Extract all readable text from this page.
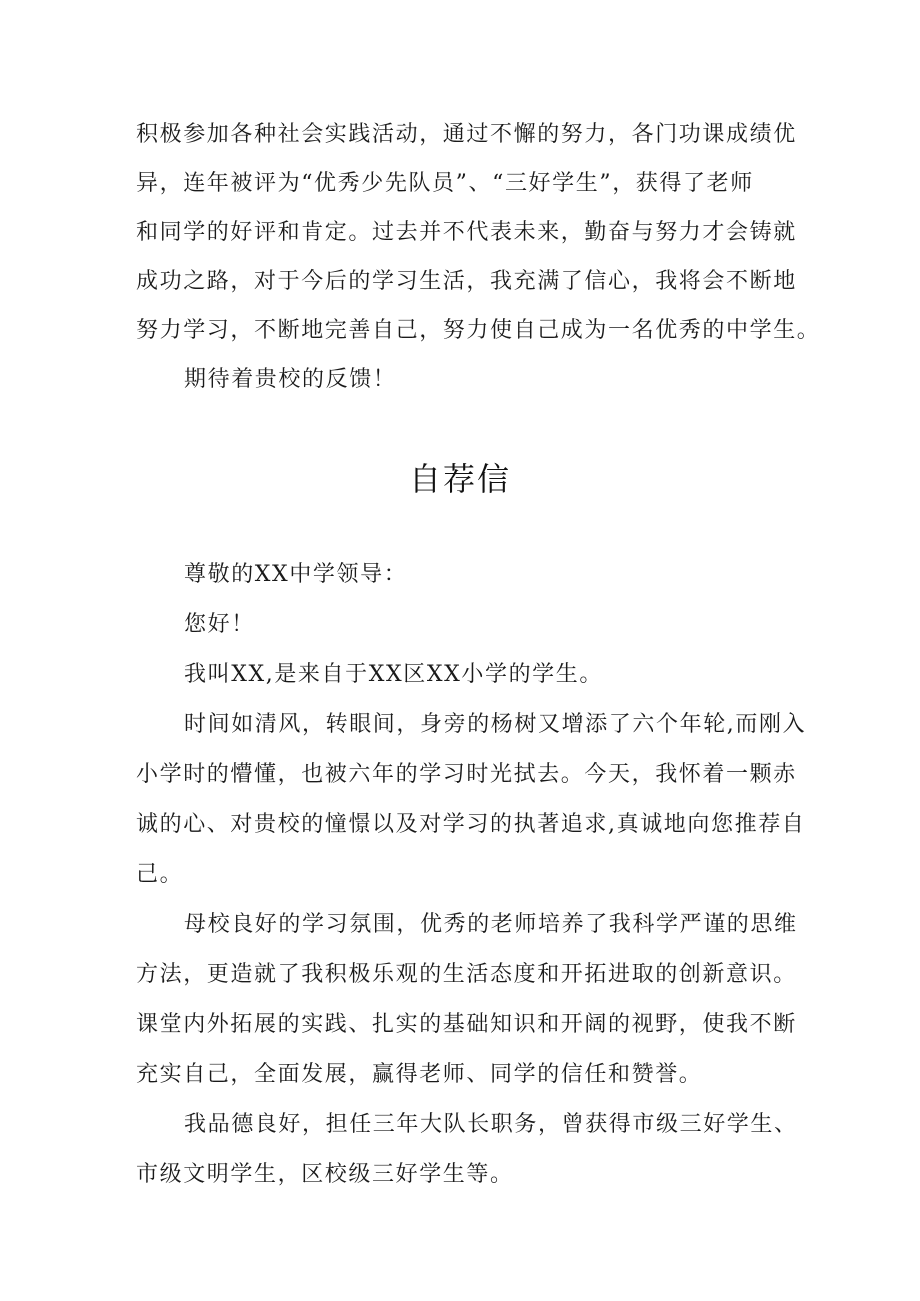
积极参加各种社会实践活动，通过不懈的努力，各门功课成绩优
异，连年被评为“优秀少先队员”、“三好学生”，获得了老师
和同学的好评和肯定。过去并不代表未来，勤奋与努力才会铸就
成功之路，对于今后的学习生活，我充满了信心，我将会不断地
努力学习，不断地完善自己，努力使自己成为一名优秀的中学生。
期待着贵校的反馈！
自荐信
尊敬的XX中学领导：
您好！
我叫XX,是来自于XX区XX小学的学生。
时间如清风，转眼间，身旁的杨树又增添了六个年轮,而刚入
小学时的懵懂，也被六年的学习时光拭去。今天，我怀着一颗赤
诚的心、对贵校的憧憬以及对学习的执著追求,真诚地向您推荐自
己。
母校良好的学习氛围，优秀的老师培养了我科学严谨的思维
方法，更造就了我积极乐观的生活态度和开拓进取的创新意识。
课堂内外拓展的实践、扎实的基础知识和开阔的视野，使我不断
充实自己，全面发展，赢得老师、同学的信任和赞誉。
我品德良好，担任三年大队长职务，曾获得市级三好学生、
市级文明学生，区校级三好学生等。
